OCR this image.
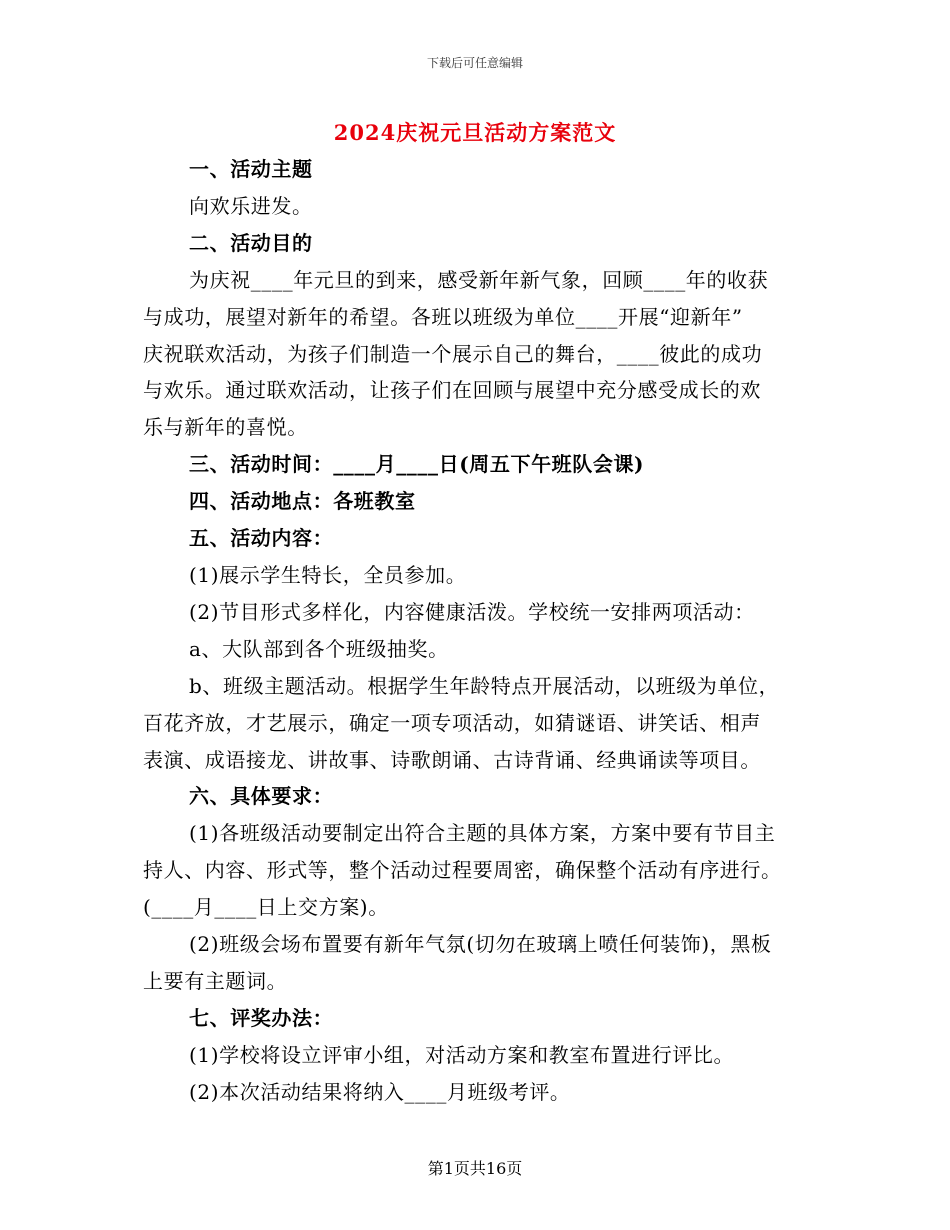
下载后可任意编辑
2024庆祝元旦活动方案范文
一、活动主题
向欢乐进发。
二、活动目的
为庆祝____年元旦的到来，感受新年新气象，回顾____年的收获
与成功，展望对新年的希望。各班以班级为单位____开展“迎新年”
庆祝联欢活动，为孩子们制造一个展示自己的舞台，____彼此的成功
与欢乐。通过联欢活动，让孩子们在回顾与展望中充分感受成长的欢
乐与新年的喜悦。
三、活动时间：____月____日(周五下午班队会课)
四、活动地点：各班教室
五、活动内容：
(1)展示学生特长，全员参加。
(2)节目形式多样化，内容健康活泼。学校统一安排两项活动：
a、大队部到各个班级抽奖。
b、班级主题活动。根据学生年龄特点开展活动，以班级为单位，
百花齐放，才艺展示，确定一项专项活动，如猜谜语、讲笑话、相声
表演、成语接龙、讲故事、诗歌朗诵、古诗背诵、经典诵读等项目。
六、具体要求：
(1)各班级活动要制定出符合主题的具体方案，方案中要有节目主
持人、内容、形式等，整个活动过程要周密，确保整个活动有序进行。
(____月____日上交方案)。
(2)班级会场布置要有新年气氛(切勿在玻璃上喷任何装饰)，黑板
上要有主题词。
七、评奖办法：
(1)学校将设立评审小组，对活动方案和教室布置进行评比。
(2)本次活动结果将纳入____月班级考评。
第1页共16页
